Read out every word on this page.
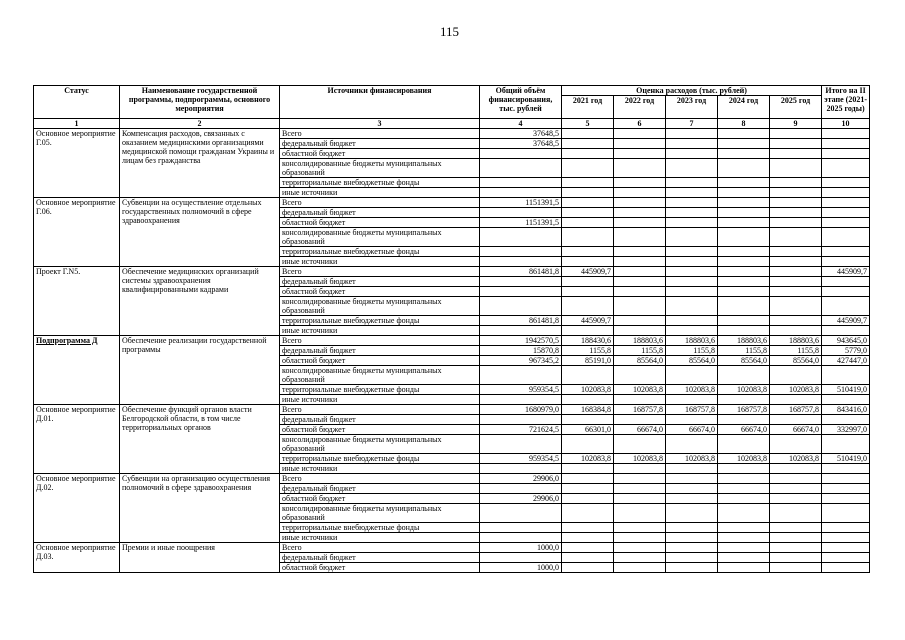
115
Статус	Наименование государственной программы, подпрограммы, основного мероприятия	Источники финансирования	Общий объём финансирования, тыс. рублей	Оценка расходов (тыс. рублей)					Итого на II этапе (2021-2025 годы)
				2021 год	2022 год	2023 год	2024 год	2025 год	
1	2	3	4	5	6	7	8	9	10
Основное мероприятие Г.05.	Компенсация расходов, связанных с оказанием медицинскими организациями медицинской помощи гражданам Украины и лицам без гражданства	Всего	37648,5						
		федеральный бюджет	37648,5						
		областной бюджет							
		консолидированные бюджеты муниципальных образований							
		территориальные внебюджетные фонды							
		иные источники							
Основное мероприятие Г.06.	Субвенции на осуществление отдельных государственных полномочий в сфере здравоохранения	Всего	1151391,5						
		федеральный бюджет							
		областной бюджет	1151391,5						
		консолидированные бюджеты муниципальных образований							
		территориальные внебюджетные фонды							
		иные источники							
Проект Г.N5.	Обеспечение медицинских организаций системы здравоохранения квалифицированными кадрами	Всего	861481,8	445909,7					445909,7
		федеральный бюджет							
		областной бюджет							
		консолидированные бюджеты муниципальных образований							
		территориальные внебюджетные фонды	861481,8	445909,7					445909,7
		иные источники							
Подпрограмма Д	Обеспечение реализации государственной программы	Всего	1942570,5	188430,6	188803,6	188803,6	188803,6	188803,6	943645,0
		федеральный бюджет	15870,8	1155,8	1155,8	1155,8	1155,8	1155,8	5779,0
		областной бюджет	967345,2	85191,0	85564,0	85564,0	85564,0	85564,0	427447,0
		консолидированные бюджеты муниципальных образований							
		территориальные внебюджетные фонды	959354,5	102083,8	102083,8	102083,8	102083,8	102083,8	510419,0
		иные источники							
Основное мероприятие Д.01.	Обеспечение функций органов власти Белгородской области, в том числе территориальных органов	Всего	1680979,0	168384,8	168757,8	168757,8	168757,8	168757,8	843416,0
		федеральный бюджет							
		областной бюджет	721624,5	66301,0	66674,0	66674,0	66674,0	66674,0	332997,0
		консолидированные бюджеты муниципальных образований							
		территориальные внебюджетные фонды	959354,5	102083,8	102083,8	102083,8	102083,8	102083,8	510419,0
		иные источники							
Основное мероприятие Д.02.	Субвенции на организацию осуществления полномочий в сфере здравоохранения	Всего	29906,0						
		федеральный бюджет							
		областной бюджет	29906,0						
		консолидированные бюджеты муниципальных образований							
		территориальные внебюджетные фонды							
		иные источники							
Основное мероприятие Д.03.	Премии и иные поощрения	Всего	1000,0						
		федеральный бюджет							
		областной бюджет	1000,0						
